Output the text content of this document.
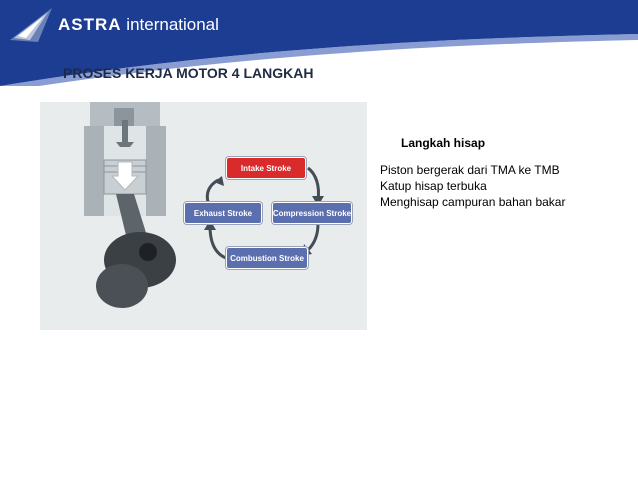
ASTRA international
PROSES KERJA MOTOR 4 LANGKAH
Intake Stroke
Exhaust Stroke	Compression Stroke
Combustion Stroke

Langkah hisap

Piston bergerak dari TMA ke TMB
Katup hisap terbuka
Menghisap campuran bahan bakar
